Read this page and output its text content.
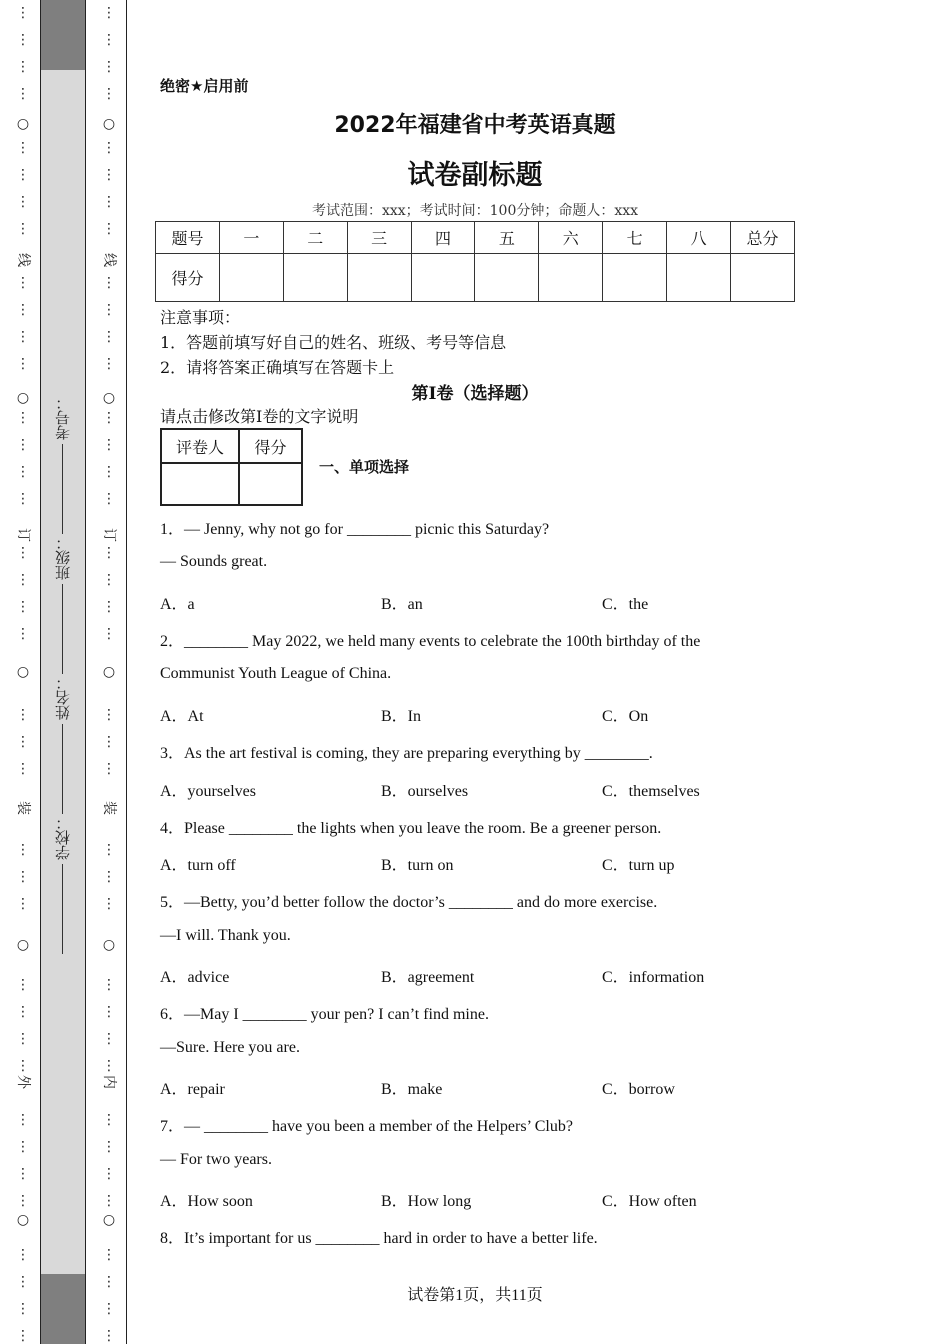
⋮
⋮
⋮
⋮
⋮
⋮
⋮
⋮
⋮
⋮
⋮
⋮
⋮
⋮
⋮
⋮
⋮
⋮
⋮
⋮
⋮
⋮
⋮
⋮
⋮
⋮
⋮
⋮
⋮
⋮
⋮
⋮
⋮
⋮
⋮
⋮
⋮
⋮
○
线
○
订
○
装
○
外
○
考号：
班级：
姓名：
学校：
⋮
⋮
⋮
⋮
⋮
⋮
⋮
⋮
⋮
⋮
⋮
⋮
⋮
⋮
⋮
⋮
⋮
⋮
⋮
⋮
⋮
⋮
⋮
⋮
⋮
⋮
⋮
⋮
⋮
⋮
⋮
⋮
⋮
⋮
⋮
⋮
⋮
⋮
○
线
○
订
○
装
○
内
○
绝密★启用前
2022年福建省中考英语真题
试卷副标题
考试范围：xxx；考试时间：100分钟；命题人：xxx
题号	一	二	三	四	五	六	七	八	总分
得分									
注意事项：
1．答题前填写好自己的姓名、班级、考号等信息
2．请将答案正确填写在答题卡上
第I卷（选择题）
请点击修改第I卷的文字说明
评卷人	得分

一、单项选择
1．— Jenny, why not go for ________ picnic this Saturday?
— Sounds great.
A．a	B．an	C．the
2．________ May 2022, we held many events to celebrate the 100th birthday of the
Communist Youth League of China.
A．At	B．In	C．On
3．As the art festival is coming, they are preparing everything by ________.
A．yourselves	B．ourselves	C．themselves
4．Please ________ the lights when you leave the room. Be a greener person.
A．turn off	B．turn on	C．turn up
5．—Betty, you’d better follow the doctor’s ________ and do more exercise.
—I will. Thank you.
A．advice	B．agreement	C．information
6．—May I ________ your pen? I can’t find mine.
—Sure. Here you are.
A．repair	B．make	C．borrow
7．— ________ have you been a member of the Helpers’ Club?
— For two years.
A．How soon	B．How long	C．How often
8．It’s important for us ________ hard in order to have a better life.
试卷第1页，共11页
